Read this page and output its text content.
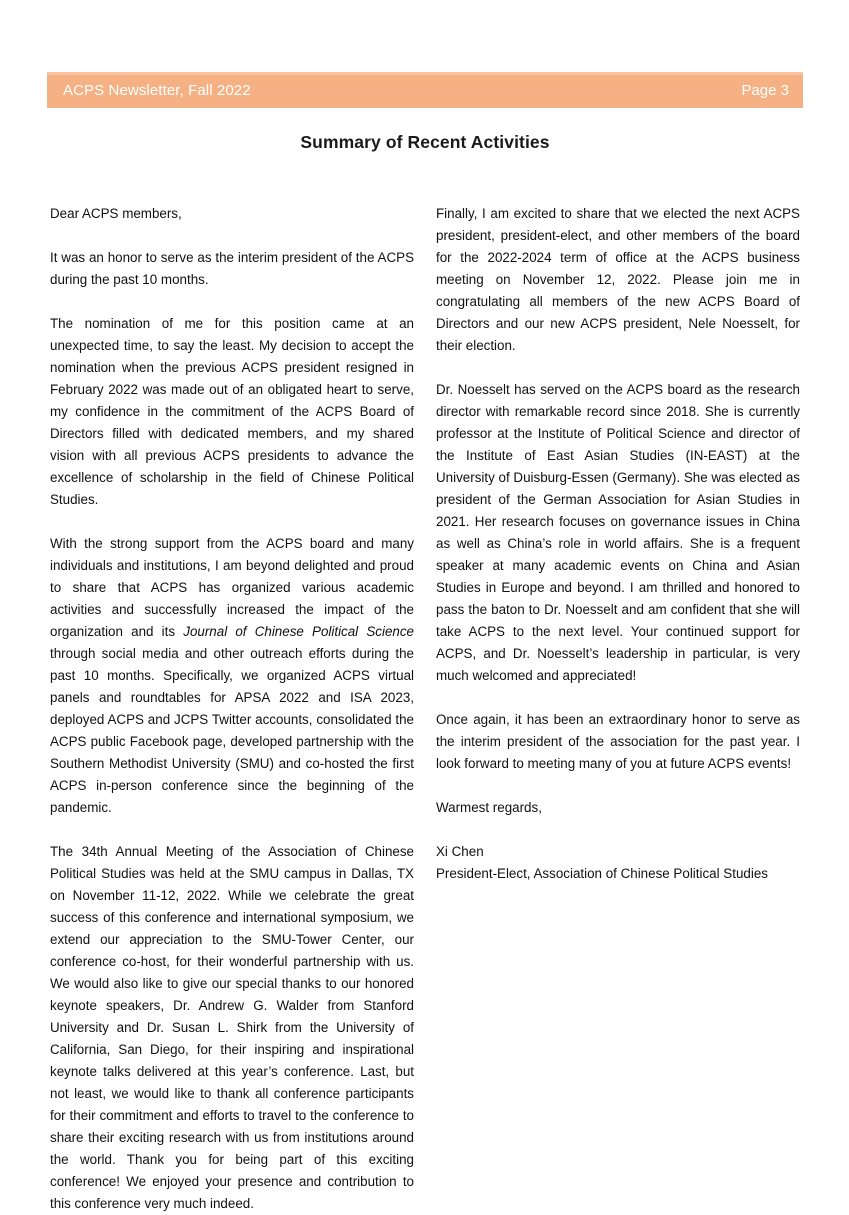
ACPS Newsletter, Fall 2022	Page 3
Summary of Recent Activities

Dear ACPS members,

It was an honor to serve as the interim president of the ACPS during the past 10 months.

The nomination of me for this position came at an unexpected time, to say the least. My decision to accept the nomination when the previous ACPS president resigned in February 2022 was made out of an obligated heart to serve, my confidence in the commitment of the ACPS Board of Directors filled with dedicated members, and my shared vision with all previous ACPS presidents to advance the excellence of scholarship in the field of Chinese Political Studies.

With the strong support from the ACPS board and many individuals and institutions, I am beyond delighted and proud to share that ACPS has organized various academic activities and successfully increased the impact of the organization and its Journal of Chinese Political Science through social media and other outreach efforts during the past 10 months. Specifically, we organized ACPS virtual panels and roundtables for APSA 2022 and ISA 2023, deployed ACPS and JCPS Twitter accounts, consolidated the ACPS public Facebook page, developed partnership with the Southern Methodist University (SMU) and co-hosted the first ACPS in-person conference since the beginning of the pandemic.

The 34th Annual Meeting of the Association of Chinese Political Studies was held at the SMU campus in Dallas, TX on November 11-12, 2022. While we celebrate the great success of this conference and international symposium, we extend our appreciation to the SMU-Tower Center, our conference co-host, for their wonderful partnership with us. We would also like to give our special thanks to our honored keynote speakers, Dr. Andrew G. Walder from Stanford University and Dr. Susan L. Shirk from the University of California, San Diego, for their inspiring and inspirational keynote talks delivered at this year’s conference. Last, but not least, we would like to thank all conference participants for their commitment and efforts to travel to the conference to share their exciting research with us from institutions around the world. Thank you for being part of this exciting conference! We enjoyed your presence and contribution to this conference very much indeed.

Finally, I am excited to share that we elected the next ACPS president, president-elect, and other members of the board for the 2022-2024 term of office at the ACPS business meeting on November 12, 2022. Please join me in congratulating all members of the new ACPS Board of Directors and our new ACPS president, Nele Noesselt, for their election.

Dr. Noesselt has served on the ACPS board as the research director with remarkable record since 2018. She is currently professor at the Institute of Political Science and director of the Institute of East Asian Studies (IN-EAST) at the University of Duisburg-Essen (Germany). She was elected as president of the German Association for Asian Studies in 2021. Her research focuses on governance issues in China as well as China’s role in world affairs. She is a frequent speaker at many academic events on China and Asian Studies in Europe and beyond. I am thrilled and honored to pass the baton to Dr. Noesselt and am confident that she will take ACPS to the next level. Your continued support for ACPS, and Dr. Noesselt’s leadership in particular, is very much welcomed and appreciated!

Once again, it has been an extraordinary honor to serve as the interim president of the association for the past year. I look forward to meeting many of you at future ACPS events!

Warmest regards,

Xi Chen

President-Elect, Association of Chinese Political Studies
